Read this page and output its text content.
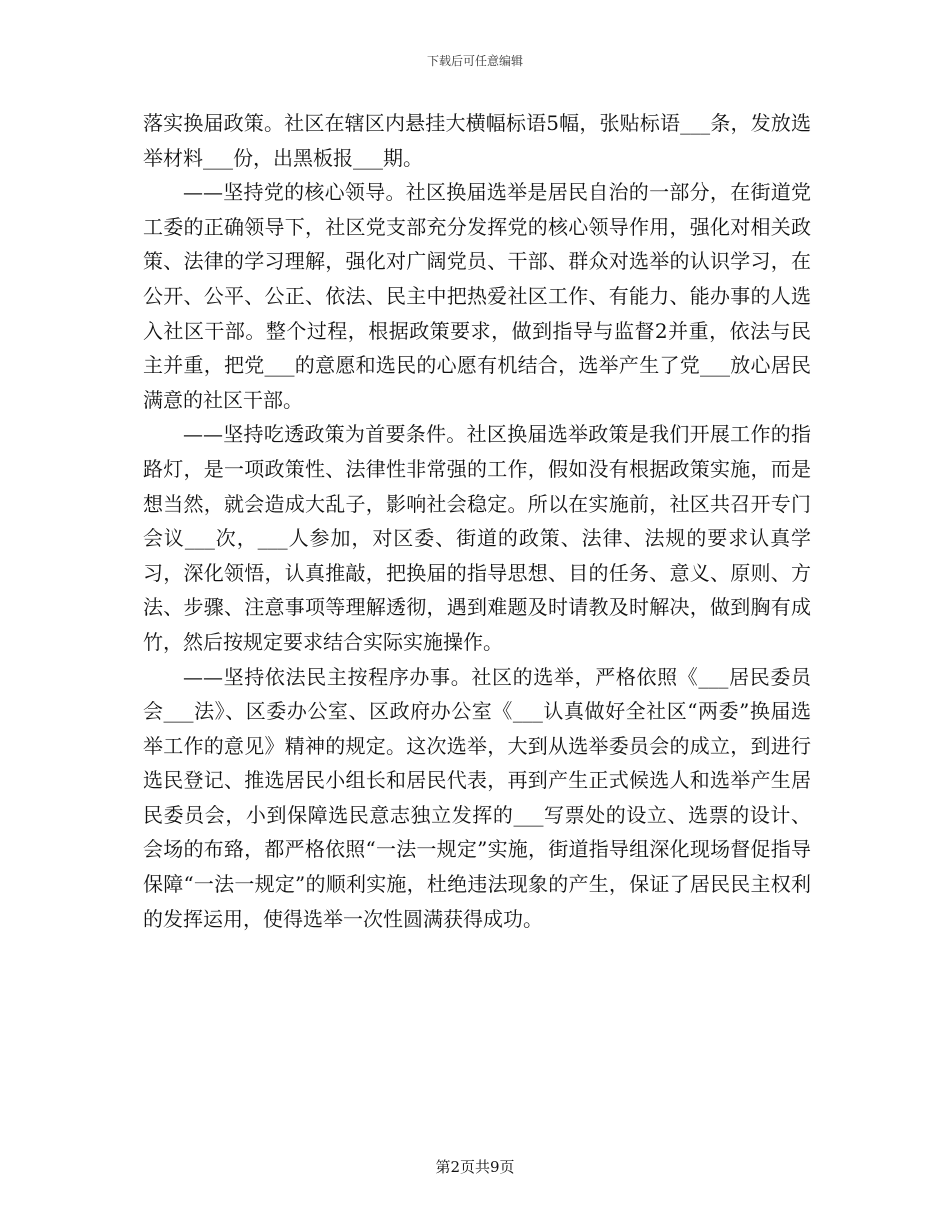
下载后可任意编辑

落实换届政策。社区在辖区内悬挂大横幅标语5幅，张贴标语___条，发放选举材料___份，出黑板报___期。

——坚持党的核心领导。社区换届选举是居民自治的一部分，在街道党工委的正确领导下，社区党支部充分发挥党的核心领导作用，强化对相关政策、法律的学习理解，强化对广阔党员、干部、群众对选举的认识学习，在公开、公平、公正、依法、民主中把热爱社区工作、有能力、能办事的人选入社区干部。整个过程，根据政策要求，做到指导与监督2并重，依法与民主并重，把党___的意愿和选民的心愿有机结合，选举产生了党___放心居民满意的社区干部。

——坚持吃透政策为首要条件。社区换届选举政策是我们开展工作的指路灯，是一项政策性、法律性非常强的工作，假如没有根据政策实施，而是想当然，就会造成大乱子，影响社会稳定。所以在实施前，社区共召开专门会议___次，___人参加，对区委、街道的政策、法律、法规的要求认真学习，深化领悟，认真推敲，把换届的指导思想、目的任务、意义、原则、方法、步骤、注意事项等理解透彻，遇到难题及时请教及时解决，做到胸有成竹，然后按规定要求结合实际实施操作。

——坚持依法民主按程序办事。社区的选举，严格依照《___居民委员会___法》、区委办公室、区政府办公室《___认真做好全社区“两委”换届选举工作的意见》精神的规定。这次选举，大到从选举委员会的成立，到进行选民登记、推选居民小组长和居民代表，再到产生正式候选人和选举产生居民委员会，小到保障选民意志独立发挥的___写票处的设立、选票的设计、会场的布臵，都严格依照“一法一规定”实施，街道指导组深化现场督促指导保障“一法一规定”的顺利实施，杜绝违法现象的产生，保证了居民民主权利的发挥运用，使得选举一次性圆满获得成功。

第2页共9页
